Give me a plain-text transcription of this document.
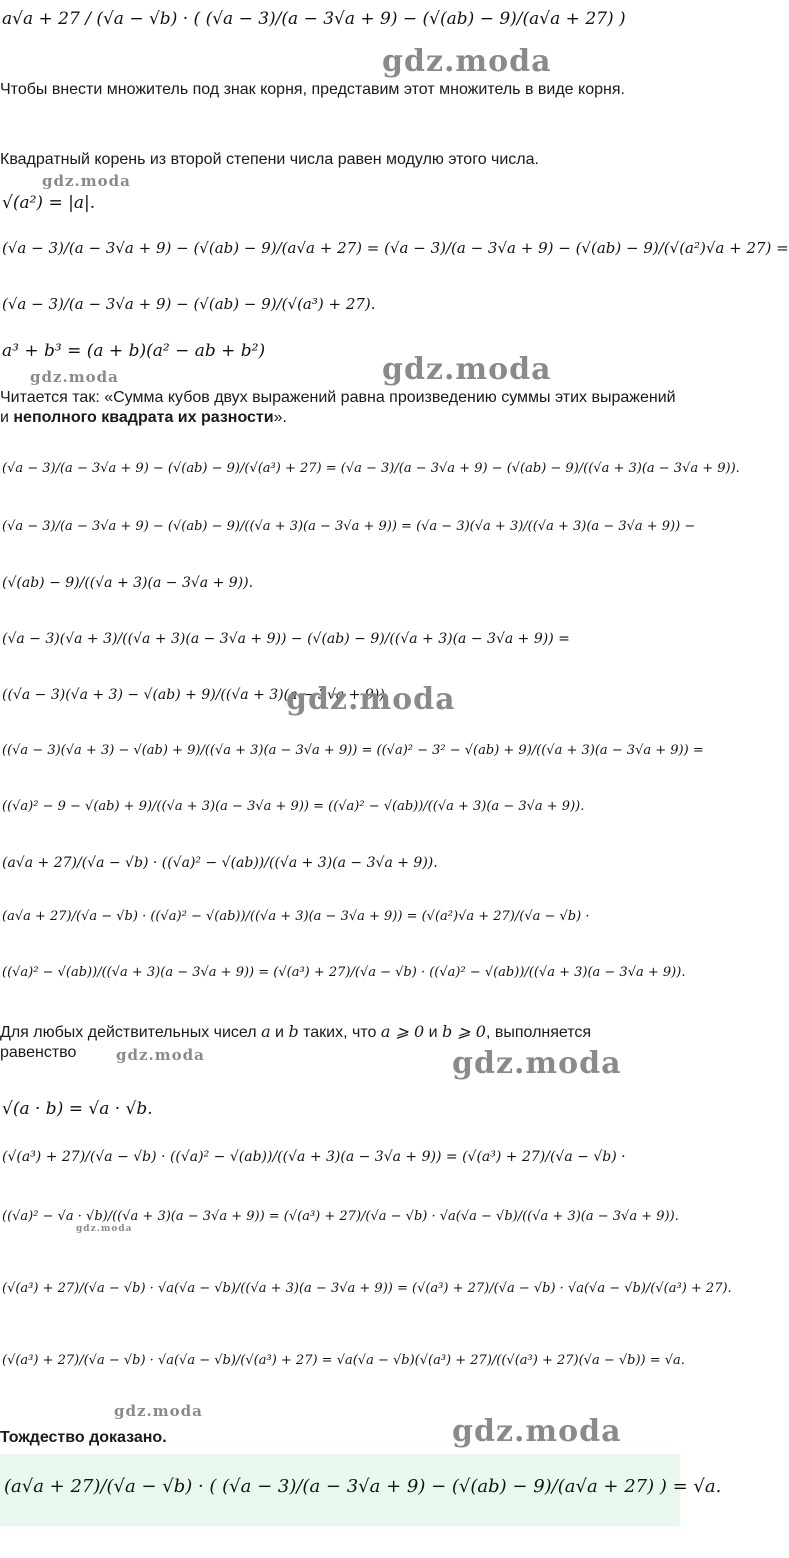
a√a + 27 / (√a − √b) · ( (√a − 3)/(a − 3√a + 9) − (√(ab) − 9)/(a√a + 27) )
gdz.moda
Чтобы внести множитель под знак корня, представим этот множитель в виде корня.
Квадратный корень из второй степени числа равен модулю этого числа.
gdz.moda
√(a²) = |a|.
(√a − 3)/(a − 3√a + 9) − (√(ab) − 9)/(a√a + 27) = (√a − 3)/(a − 3√a + 9) − (√(ab) − 9)/(√(a²)√a + 27) =
(√a − 3)/(a − 3√a + 9) − (√(ab) − 9)/(√(a³) + 27).
a³ + b³ = (a + b)(a² − ab + b²)
gdz.moda	gdz.moda
Читается так: «Сумма кубов двух выражений равна произведению суммы этих выражений и неполного квадрата их разности».
(√a − 3)/(a − 3√a + 9) − (√(ab) − 9)/(√(a³) + 27) = (√a − 3)/(a − 3√a + 9) − (√(ab) − 9)/((√a + 3)(a − 3√a + 9)).
(√a − 3)/(a − 3√a + 9) − (√(ab) − 9)/((√a + 3)(a − 3√a + 9)) = (√a − 3)(√a + 3)/((√a + 3)(a − 3√a + 9)) −
(√(ab) − 9)/((√a + 3)(a − 3√a + 9)).
(√a − 3)(√a + 3)/((√a + 3)(a − 3√a + 9)) − (√(ab) − 9)/((√a + 3)(a − 3√a + 9)) =
((√a − 3)(√a + 3) − √(ab) + 9)/((√a + 3)(a − 3√a + 9)).
gdz.moda
((√a − 3)(√a + 3) − √(ab) + 9)/((√a + 3)(a − 3√a + 9)) = ((√a)² − 3² − √(ab) + 9)/((√a + 3)(a − 3√a + 9)) =
((√a)² − 9 − √(ab) + 9)/((√a + 3)(a − 3√a + 9)) = ((√a)² − √(ab))/((√a + 3)(a − 3√a + 9)).
(a√a + 27)/(√a − √b) · ((√a)² − √(ab))/((√a + 3)(a − 3√a + 9)).
(a√a + 27)/(√a − √b) · ((√a)² − √(ab))/((√a + 3)(a − 3√a + 9)) = (√(a²)√a + 27)/(√a − √b) ·
((√a)² − √(ab))/((√a + 3)(a − 3√a + 9)) = (√(a³) + 27)/(√a − √b) · ((√a)² − √(ab))/((√a + 3)(a − 3√a + 9)).
Для любых действительных чисел a и b таких, что a ⩾ 0 и b ⩾ 0, выполняется равенство	gdz.moda	gdz.moda
√(a · b) = √a · √b.
(√(a³) + 27)/(√a − √b) · ((√a)² − √(ab))/((√a + 3)(a − 3√a + 9)) = (√(a³) + 27)/(√a − √b) ·
((√a)² − √a · √b)/((√a + 3)(a − 3√a + 9)) = (√(a³) + 27)/(√a − √b) · √a(√a − √b)/((√a + 3)(a − 3√a + 9)).
gdz.moda
(√(a³) + 27)/(√a − √b) · √a(√a − √b)/((√a + 3)(a − 3√a + 9)) = (√(a³) + 27)/(√a − √b) · √a(√a − √b)/(√(a³) + 27).
(√(a³) + 27)/(√a − √b) · √a(√a − √b)/(√(a³) + 27) = √a(√a − √b)(√(a³) + 27)/((√(a³) + 27)(√a − √b)) = √a.
gdz.moda
Тождество доказано.	gdz.moda
(a√a + 27)/(√a − √b) · ( (√a − 3)/(a − 3√a + 9) − (√(ab) − 9)/(a√a + 27) ) = √a.
